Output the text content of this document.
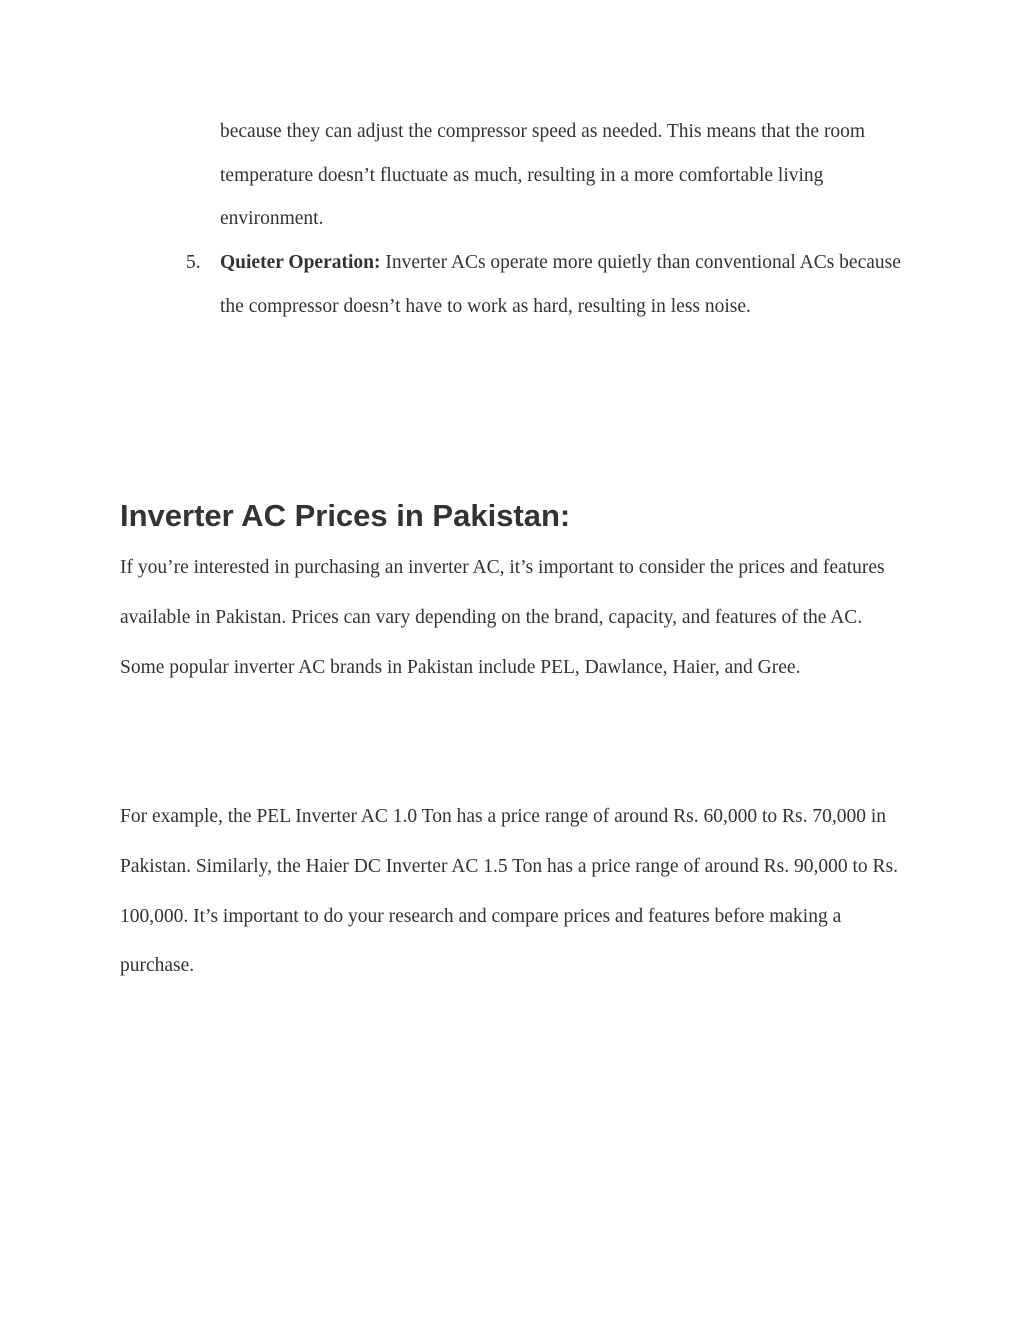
because they can adjust the compressor speed as needed. This means that the room temperature doesn’t fluctuate as much, resulting in a more comfortable living environment.
5. Quieter Operation: Inverter ACs operate more quietly than conventional ACs because the compressor doesn’t have to work as hard, resulting in less noise.
Inverter AC Prices in Pakistan:

If you’re interested in purchasing an inverter AC, it’s important to consider the prices and features available in Pakistan. Prices can vary depending on the brand, capacity, and features of the AC. Some popular inverter AC brands in Pakistan include PEL, Dawlance, Haier, and Gree.

For example, the PEL Inverter AC 1.0 Ton has a price range of around Rs. 60,000 to Rs. 70,000 in Pakistan. Similarly, the Haier DC Inverter AC 1.5 Ton has a price range of around Rs. 90,000 to Rs. 100,000. It’s important to do your research and compare prices and features before making a purchase.
